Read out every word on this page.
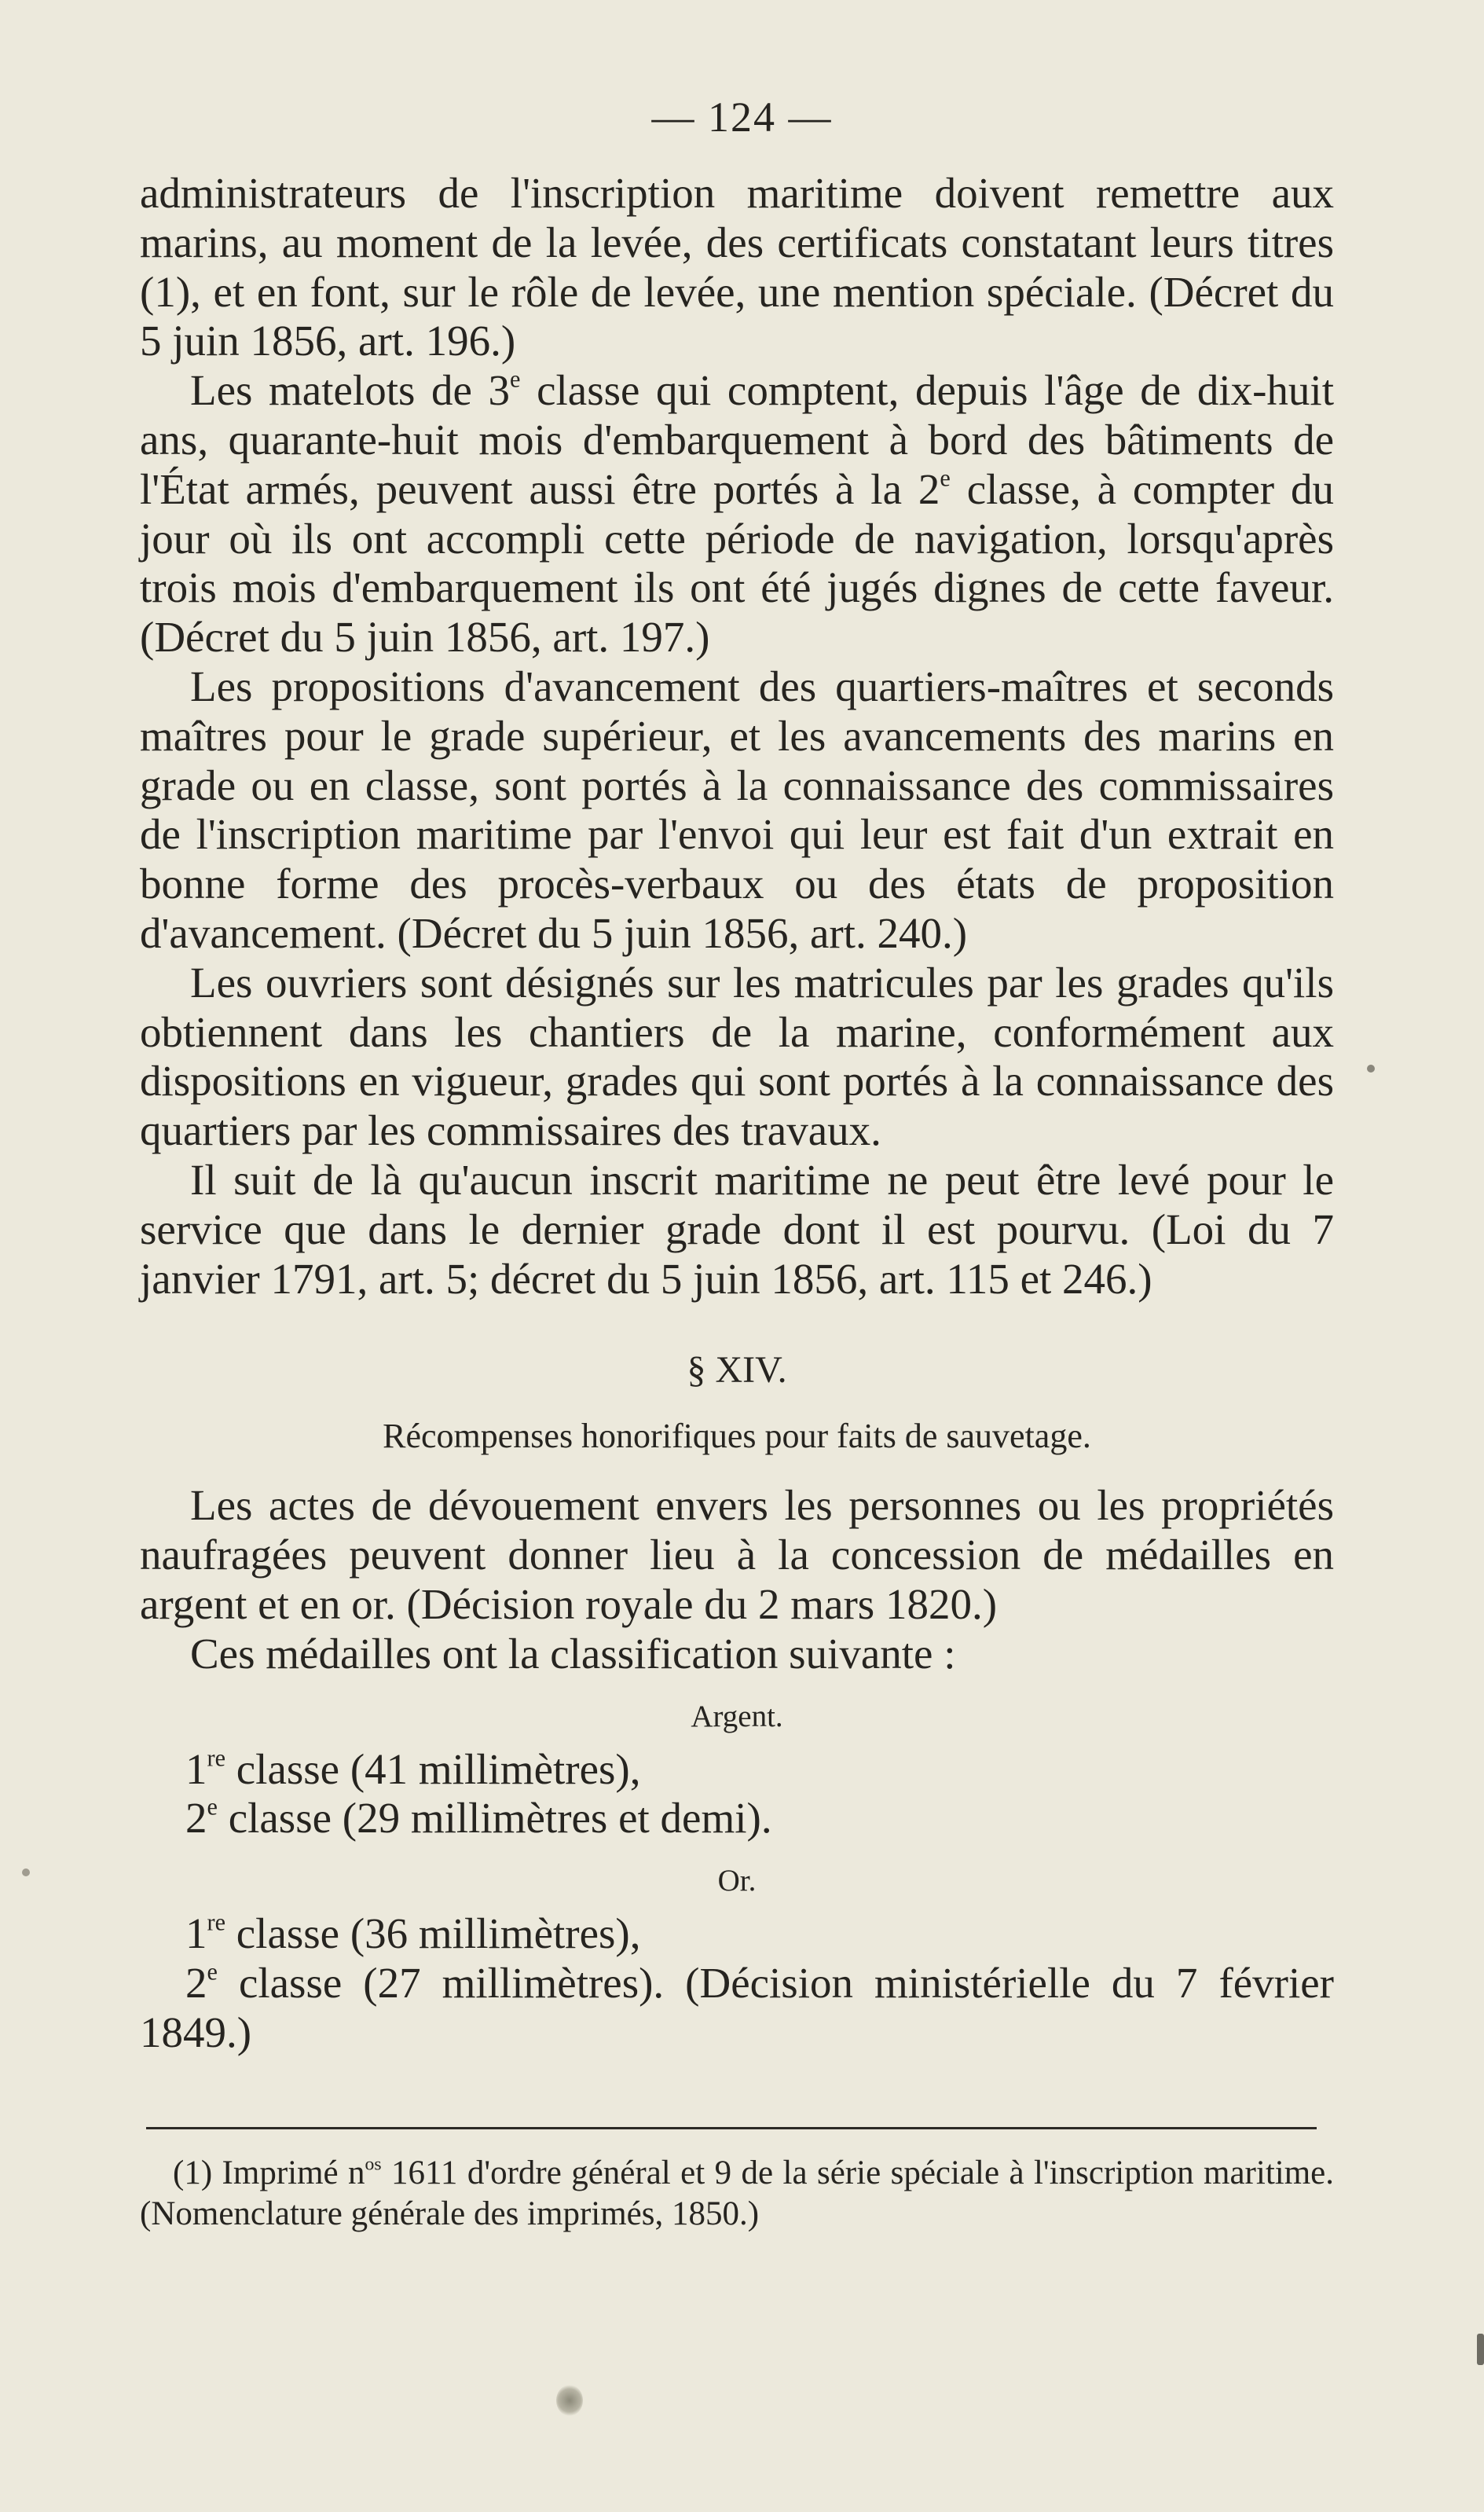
— 124 —

administrateurs de l'inscription maritime doivent remettre aux marins, au moment de la levée, des certificats constatant leurs titres (1), et en font, sur le rôle de levée, une mention spéciale. (Décret du 5 juin 1856, art. 196.)

Les matelots de 3e classe qui comptent, depuis l'âge de dix-huit ans, quarante-huit mois d'embarquement à bord des bâtiments de l'État armés, peuvent aussi être portés à la 2e classe, à compter du jour où ils ont accompli cette période de navigation, lorsqu'après trois mois d'embarquement ils ont été jugés dignes de cette faveur. (Décret du 5 juin 1856, art. 197.)

Les propositions d'avancement des quartiers-maîtres et seconds maîtres pour le grade supérieur, et les avancements des marins en grade ou en classe, sont portés à la connaissance des commissaires de l'inscription maritime par l'envoi qui leur est fait d'un extrait en bonne forme des procès-verbaux ou des états de proposition d'avancement. (Décret du 5 juin 1856, art. 240.)

Les ouvriers sont désignés sur les matricules par les grades qu'ils obtiennent dans les chantiers de la marine, conformément aux dispositions en vigueur, grades qui sont portés à la connaissance des quartiers par les commissaires des travaux.

Il suit de là qu'aucun inscrit maritime ne peut être levé pour le service que dans le dernier grade dont il est pourvu. (Loi du 7 janvier 1791, art. 5; décret du 5 juin 1856, art. 115 et 246.)

§ XIV.
Récompenses honorifiques pour faits de sauvetage.

Les actes de dévouement envers les personnes ou les propriétés naufragées peuvent donner lieu à la concession de médailles en argent et en or. (Décision royale du 2 mars 1820.)

Ces médailles ont la classification suivante :

Argent.
1re classe (41 millimètres),
2e classe (29 millimètres et demi).
Or.
1re classe (36 millimètres),
2e classe (27 millimètres). (Décision ministérielle du 7 février 1849.)

(1) Imprimé $n^{os}$ 1611 d'ordre général et 9 de la série spéciale à l'inscription maritime. (Nomenclature générale des imprimés, 1850.)
